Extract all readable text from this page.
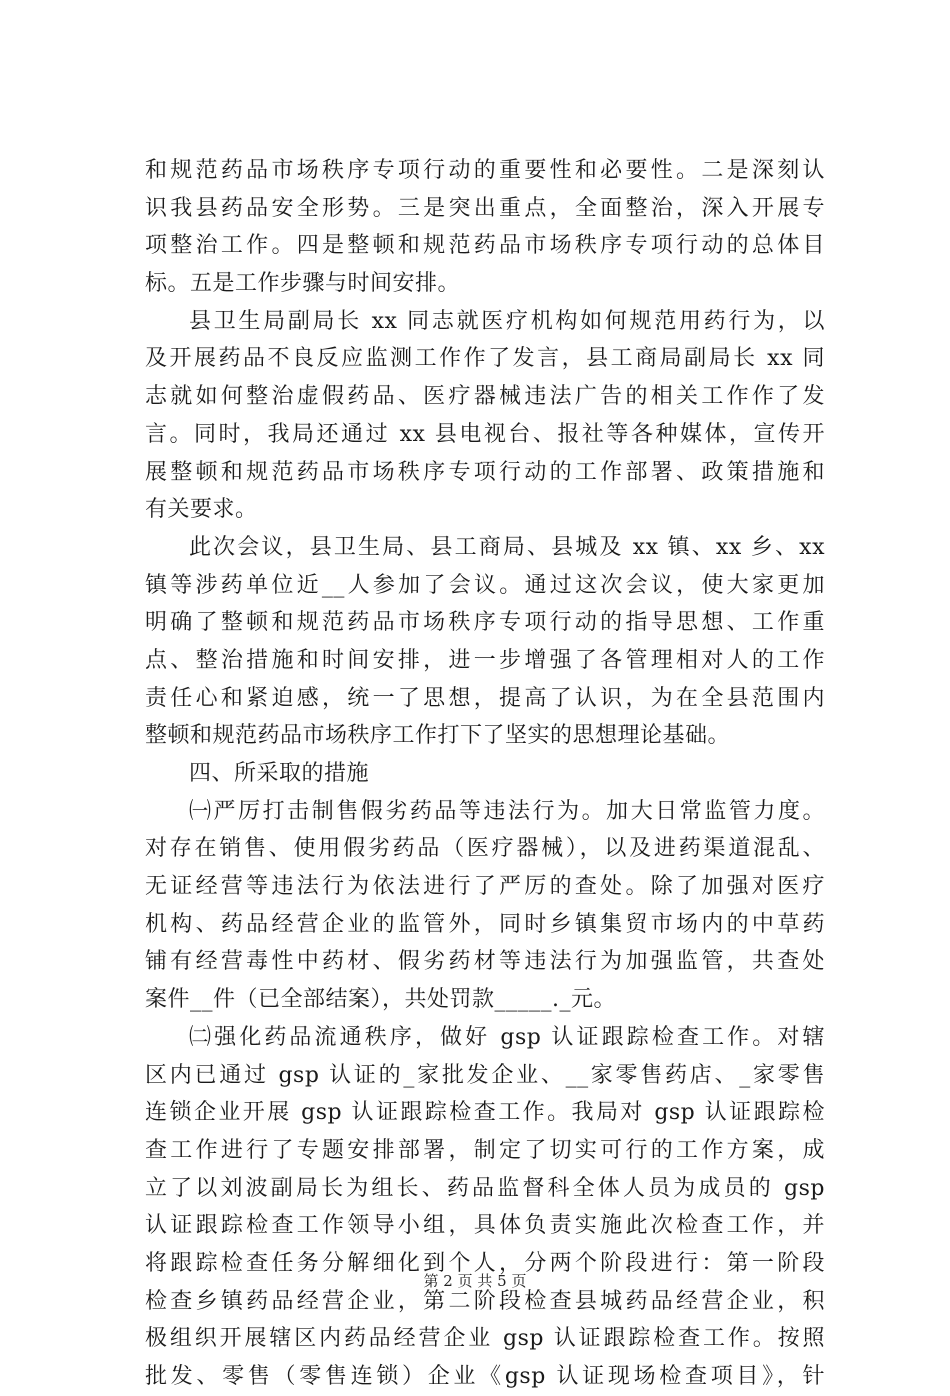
和规范药品市场秩序专项行动的重要性和必要性。二是深刻认
识我县药品安全形势。三是突出重点，全面整治，深入开展专
项整治工作。四是整顿和规范药品市场秩序专项行动的总体目
标。五是工作步骤与时间安排。
县卫生局副局长 xx 同志就医疗机构如何规范用药行为，以
及开展药品不良反应监测工作作了发言，县工商局副局长 xx 同
志就如何整治虚假药品、医疗器械违法广告的相关工作作了发
言。同时，我局还通过 xx 县电视台、报社等各种媒体，宣传开
展整顿和规范药品市场秩序专项行动的工作部署、政策措施和
有关要求。
此次会议，县卫生局、县工商局、县城及 xx 镇、xx 乡、xx
镇等涉药单位近__人参加了会议。通过这次会议，使大家更加
明确了整顿和规范药品市场秩序专项行动的指导思想、工作重
点、整治措施和时间安排，进一步增强了各管理相对人的工作
责任心和紧迫感，统一了思想，提高了认识，为在全县范围内
整顿和规范药品市场秩序工作打下了坚实的思想理论基础。
四、所采取的措施
㈠严厉打击制售假劣药品等违法行为。加大日常监管力度。
对存在销售、使用假劣药品（医疗器械），以及进药渠道混乱、
无证经营等违法行为依法进行了严厉的查处。除了加强对医疗
机构、药品经营企业的监管外，同时乡镇集贸市场内的中草药
铺有经营毒性中药材、假劣药材等违法行为加强监管，共查处
案件__件（已全部结案），共处罚款_____._元。
㈡强化药品流通秩序，做好 gsp 认证跟踪检查工作。对辖
区内已通过 gsp 认证的_家批发企业、__家零售药店、_家零售
连锁企业开展 gsp 认证跟踪检查工作。我局对 gsp 认证跟踪检
查工作进行了专题安排部署，制定了切实可行的工作方案，成
立了以刘波副局长为组长、药品监督科全体人员为成员的 gsp
认证跟踪检查工作领导小组，具体负责实施此次检查工作，并
将跟踪检查任务分解细化到个人，分两个阶段进行：第一阶段
检查乡镇药品经营企业，第二阶段检查县城药品经营企业，积
极组织开展辖区内药品经营企业 gsp 认证跟踪检查工作。按照
批发、零售（零售连锁）企业《gsp 认证现场检查项目》，针
第 2 页 共 5 页
